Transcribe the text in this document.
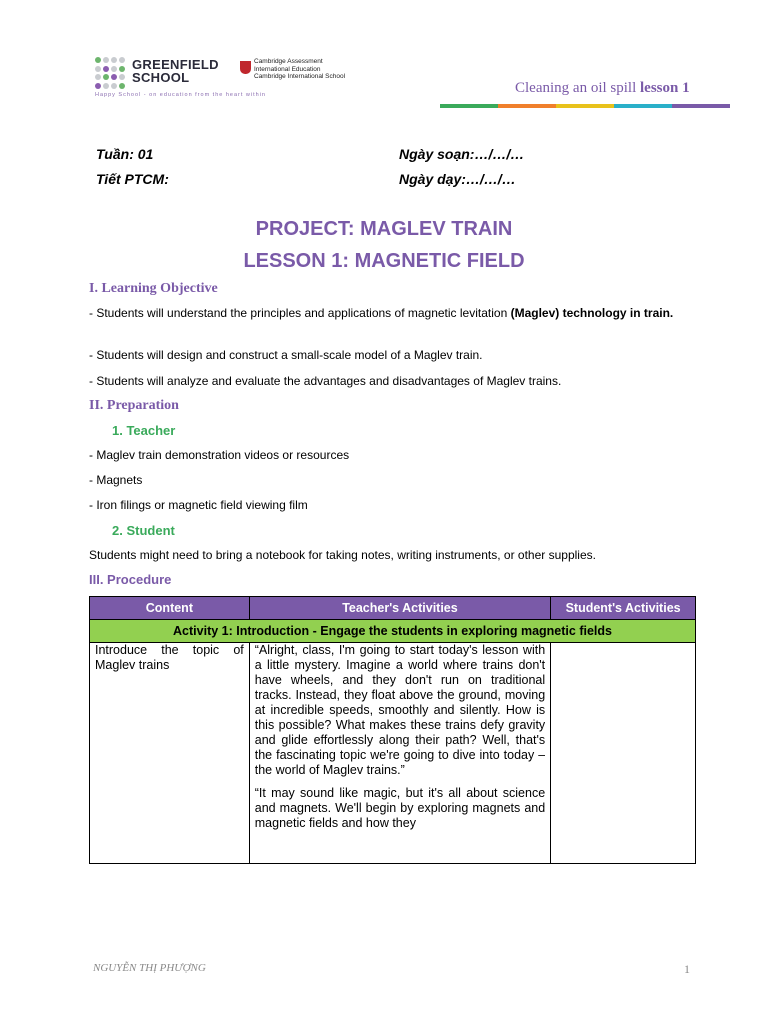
GREENFIELD
SCHOOL
Happy School - on education from the heart within
Cambridge Assessment
International Education
Cambridge International School
Cleaning an oil spill lesson 1
Tuần: 01	Ngày soạn:…/…/…
Tiết PTCM:	Ngày dạy:…/…/…
PROJECT: MAGLEV TRAIN
LESSON 1: MAGNETIC FIELD
I. Learning Objective
- Students will understand the principles and applications of magnetic levitation (Maglev) technology in train.
- Students will design and construct a small-scale model of a Maglev train.
- Students will analyze and evaluate the advantages and disadvantages of Maglev trains.
II. Preparation
1. Teacher
- Maglev train demonstration videos or resources
- Magnets
- Iron filings or magnetic field viewing film
2. Student
Students might need to bring a notebook for taking notes, writing instruments, or other supplies.
III. Procedure
Content	Teacher's Activities	Student's Activities
Activity 1: Introduction - Engage the students in exploring magnetic fields		
Introduce the topic of Maglev trains	“Alright, class, I'm going to start today's lesson with a little mystery. Imagine a world where trains don't have wheels, and they don't run on traditional tracks. Instead, they float above the ground, moving at incredible speeds, smoothly and silently. How is this possible? What makes these trains defy gravity and glide effortlessly along their path? Well, that's the fascinating topic we're going to dive into today – the world of Maglev trains.”

“It may sound like magic, but it's all about science and magnets. We'll begin by exploring magnets and magnetic fields and how they	

NGUYỄN THỊ PHƯỢNG	1
